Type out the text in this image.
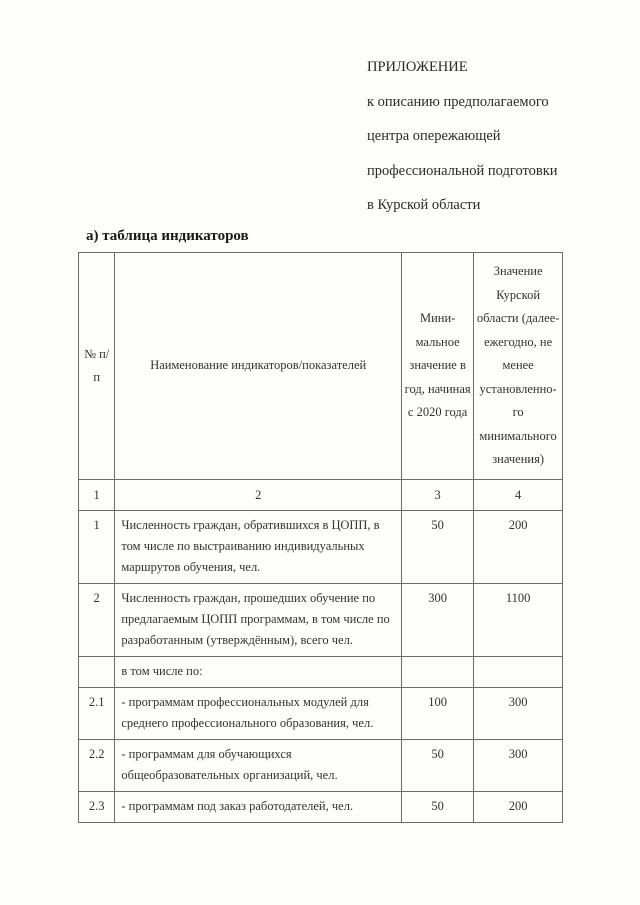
ПРИЛОЖЕНИЕ
к описанию предполагаемого
центра опережающей
профессиональной подготовки
в Курской области
а) таблица индикаторов
№ п/п	Наименование индикаторов/показателей	Мини-мальное значение в год, начиная с 2020 года	Значение Курской области (далее-ежегодно, не менее установленно-го минимального значения)
1	2	3	4
1	Численность граждан, обратившихся в ЦОПП, в том числе по выстраиванию индивидуальных маршрутов обучения, чел.	50	200
2	Численность граждан, прошедших обучение по предлагаемым ЦОПП программам, в том числе по разработанным (утверждённым), всего чел.	300	1100
	в том числе по:		
2.1	- программам профессиональных модулей для среднего профессионального образования, чел.	100	300
2.2	- программам для обучающихся общеобразовательных организаций, чел.	50	300
2.3	- программам под заказ работодателей, чел.	50	200
